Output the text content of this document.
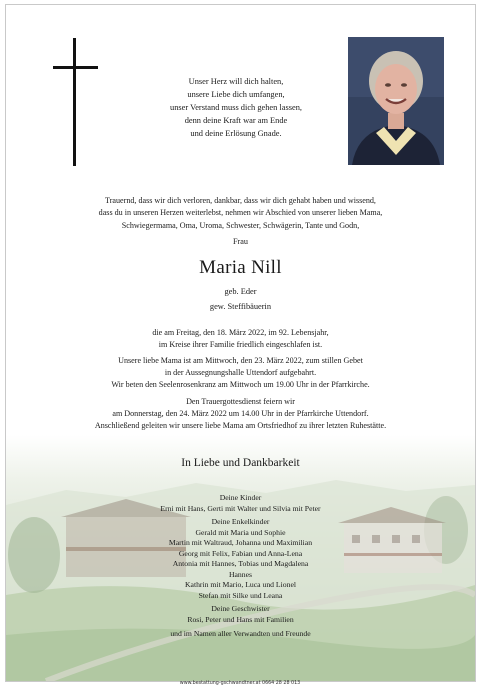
Unser Herz will dich halten,
unsere Liebe dich umfangen,
unser Verstand muss dich gehen lassen,
denn deine Kraft war am Ende
und deine Erlösung Gnade.
Trauernd, dass wir dich verloren, dankbar, dass wir dich gehabt haben und wissend,
dass du in unseren Herzen weiterlebst, nehmen wir Abschied von unserer lieben Mama,
Schwiegermama, Oma, Uroma, Schwester, Schwägerin, Tante und Godn,
Frau
Maria Nill
geb. Eder
gew. Steffibäuerin
die am Freitag, den 18. März 2022, im 92. Lebensjahr,
im Kreise ihrer Familie friedlich eingeschlafen ist.
Unsere liebe Mama ist am Mittwoch, den 23. März 2022, zum stillen Gebet
in der Aussegnungshalle Uttendorf aufgebahrt.
Wir beten den Seelenrosenkranz am Mittwoch um 19.00 Uhr in der Pfarrkirche.
Den Trauergottesdienst feiern wir
am Donnerstag, den 24. März 2022 um 14.00 Uhr in der Pfarrkirche Uttendorf.
Anschließend geleiten wir unsere liebe Mama am Ortsfriedhof zu ihrer letzten Ruhestätte.
In Liebe und Dankbarkeit
Deine Kinder
Erni mit Hans, Gerti mit Walter und Silvia mit Peter
Deine Enkelkinder
Gerald mit Maria und Sophie
Martin mit Waltraud, Johanna und Maximilian
Georg mit Felix, Fabian und Anna-Lena
Antonia mit Hannes, Tobias und Magdalena
Hannes
Kathrin mit Mario, Luca und Lionel
Stefan mit Silke und Leana
Deine Geschwister
Rosi, Peter und Hans mit Familien
und im Namen aller Verwandten und Freunde
www.bestattung-gschwandtner.at 0664 28 28 013
